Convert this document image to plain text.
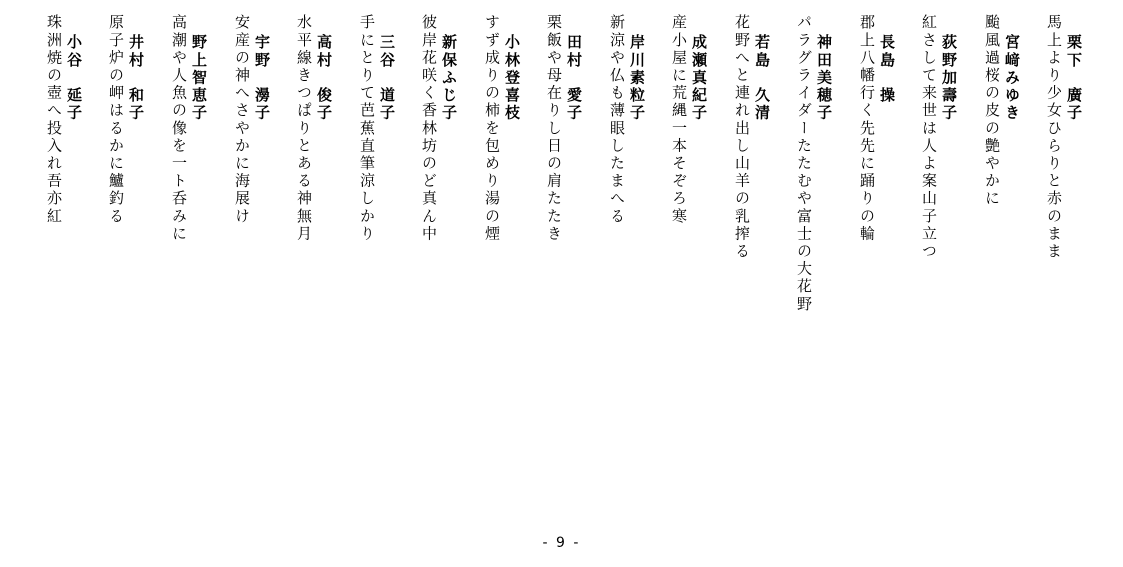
栗下　廣子
馬上より少女ひらりと赤のまま
宮﨑みゆき
颱風過桜の皮の艶やかに
荻野加壽子
紅さして来世は人よ案山子立つ
長島　操
郡上八幡行く先先に踊りの輪
神田美穂子
パラグライダーたたむや富士の大花野
若島　久清
花野へと連れ出し山羊の乳搾る
成瀬真紀子
産小屋に荒縄一本そぞろ寒
岸川素粒子
新涼や仏も薄眼したまへる
田村　愛子
栗飯や母在りし日の肩たたき
小林登喜枝
すず成りの柿を包めり湯の煙
新保ふじ子
彼岸花咲く香林坊のど真ん中
三谷　道子
手にとりて芭蕉直筆涼しかり
高村　俊子
水平線きつぱりとある神無月
宇野　澷子
安産の神へさやかに海展け
野上智恵子
高潮や人魚の像を一ト呑みに
井村　和子
原子炉の岬はるかに鱸釣る
小谷　延子
珠洲焼の壺へ投入れ吾亦紅
- 9 -
